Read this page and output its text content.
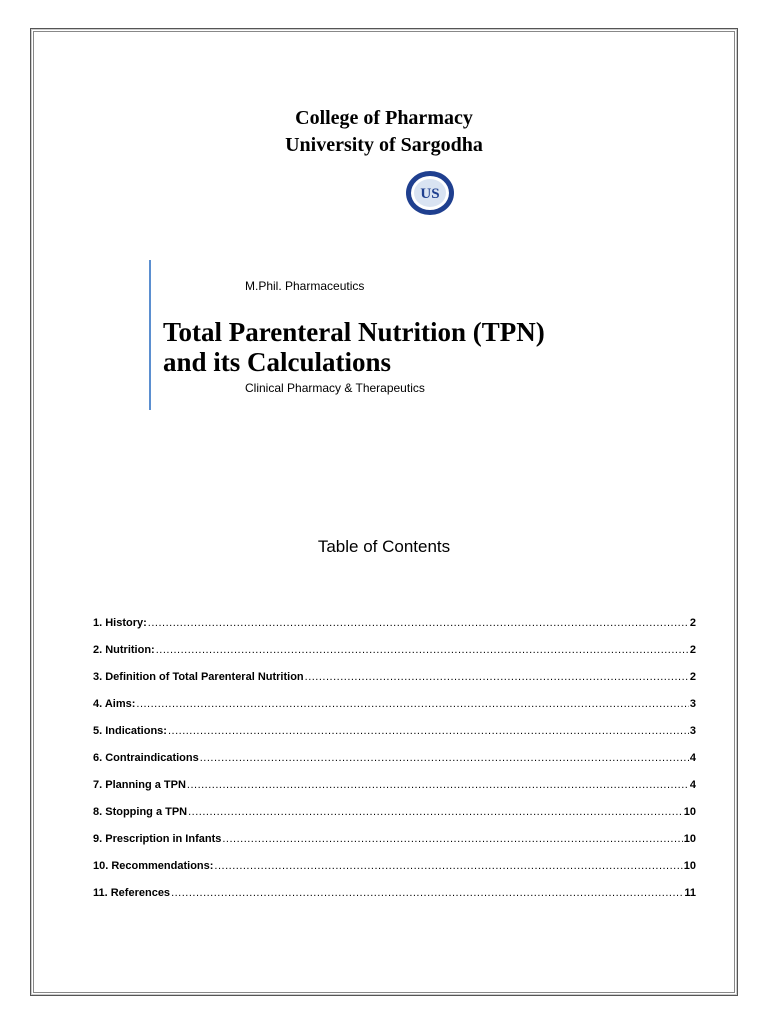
College of Pharmacy
University of Sargodha
US
M.Phil. Pharmaceutics
Total Parenteral Nutrition (TPN)
and its Calculations
Clinical Pharmacy & Therapeutics
Table of Contents
1. History: .....	2
2. Nutrition: .....	2
3. Definition of Total Parenteral Nutrition .....	2
4. Aims: .....	3
5. Indications: .....	3
6. Contraindications .....	4
7. Planning a TPN .....	4
8. Stopping a TPN .....	10
9. Prescription in Infants .....	10
10. Recommendations: .....	10
11. References .....	11
